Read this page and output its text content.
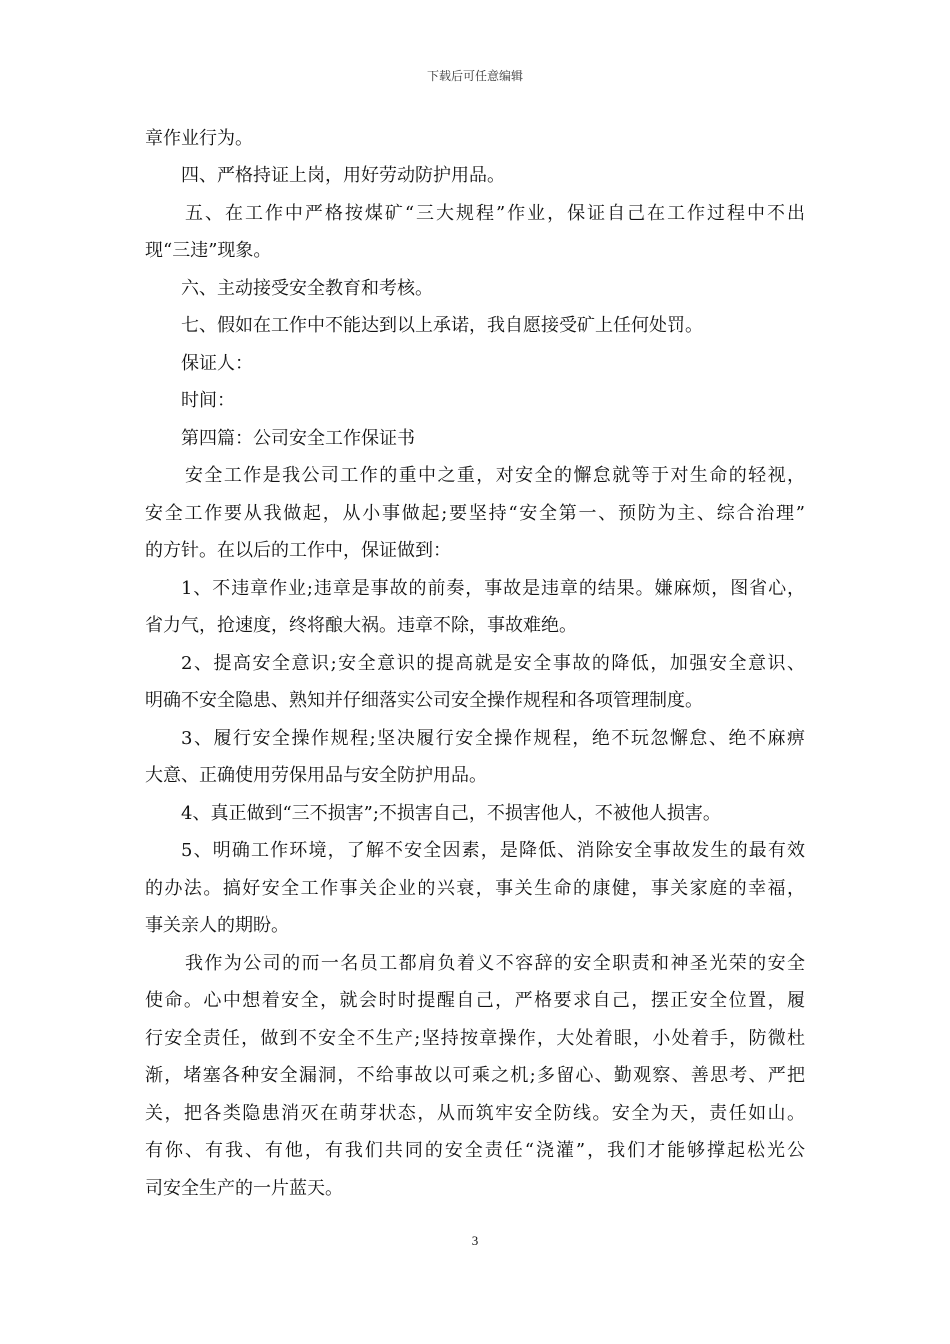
下载后可任意编辑
章作业行为。
四、严格持证上岗，用好劳动防护用品。
五、在工作中严格按煤矿“三大规程”作业，保证自己在工作过程中不出
现“三违”现象。
六、主动接受安全教育和考核。
七、假如在工作中不能达到以上承诺，我自愿接受矿上任何处罚。
保证人：
时间：
第四篇：公司安全工作保证书
安全工作是我公司工作的重中之重，对安全的懈怠就等于对生命的轻视，
安全工作要从我做起，从小事做起;要坚持“安全第一、预防为主、综合治理”
的方针。在以后的工作中，保证做到：
1、不违章作业;违章是事故的前奏，事故是违章的结果。嫌麻烦，图省心，
省力气，抢速度，终将酿大祸。违章不除，事故难绝。
2、提高安全意识;安全意识的提高就是安全事故的降低，加强安全意识、
明确不安全隐患、熟知并仔细落实公司安全操作规程和各项管理制度。
3、履行安全操作规程;坚决履行安全操作规程，绝不玩忽懈怠、绝不麻痹
大意、正确使用劳保用品与安全防护用品。
4、真正做到“三不损害”;不损害自己，不损害他人，不被他人损害。
5、明确工作环境，了解不安全因素，是降低、消除安全事故发生的最有效
的办法。搞好安全工作事关企业的兴衰，事关生命的康健，事关家庭的幸福，
事关亲人的期盼。
我作为公司的而一名员工都肩负着义不容辞的安全职责和神圣光荣的安全
使命。心中想着安全，就会时时提醒自己，严格要求自己，摆正安全位置，履
行安全责任，做到不安全不生产;坚持按章操作，大处着眼，小处着手，防微杜
渐，堵塞各种安全漏洞，不给事故以可乘之机;多留心、勤观察、善思考、严把
关，把各类隐患消灭在萌芽状态，从而筑牢安全防线。安全为天，责任如山。
有你、有我、有他，有我们共同的安全责任“浇灌”，我们才能够撑起松光公
司安全生产的一片蓝天。
3
